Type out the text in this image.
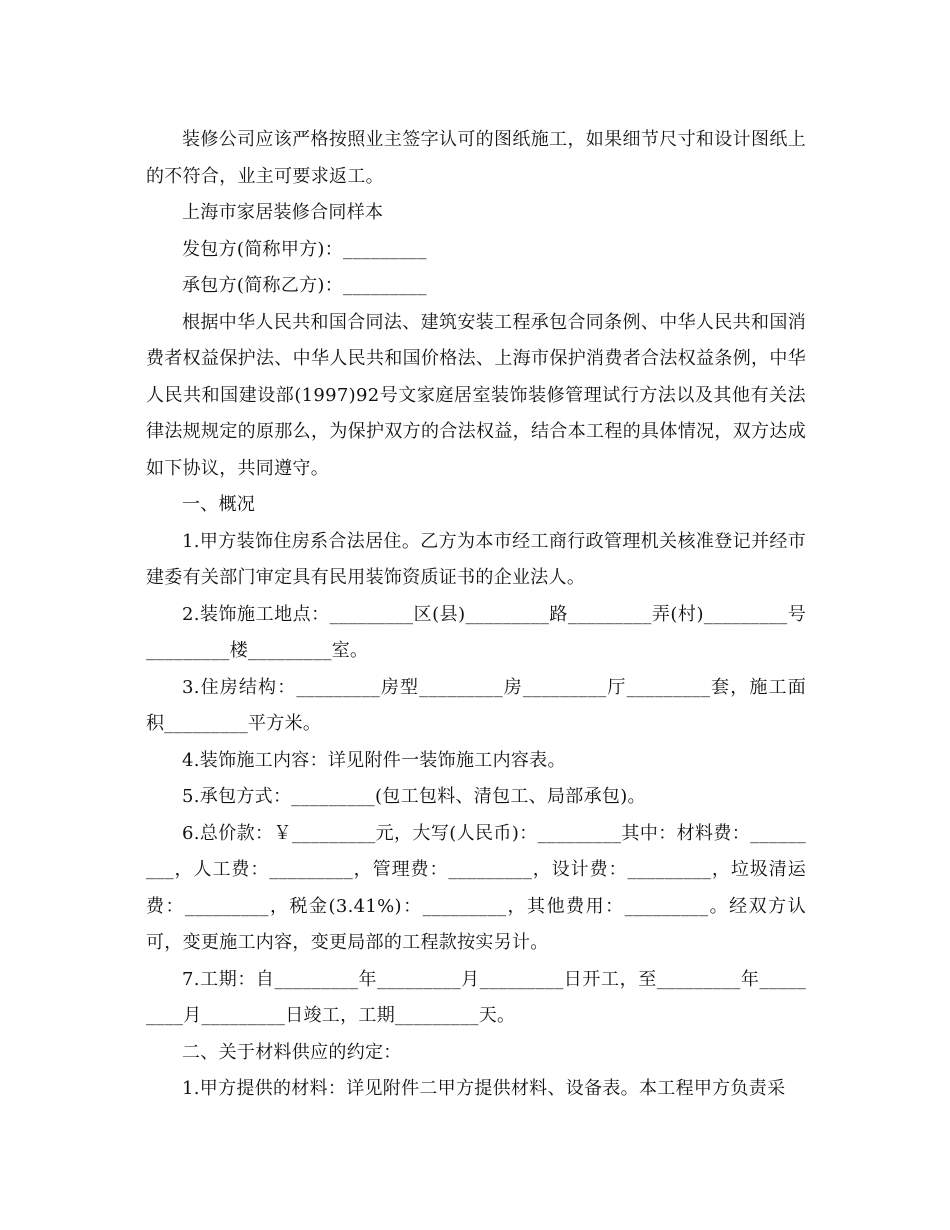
装修公司应该严格按照业主签字认可的图纸施工，如果细节尺寸和设计图纸上的不符合，业主可要求返工。

上海市家居装修合同样本

发包方(简称甲方)：_________

承包方(简称乙方)：_________

根据中华人民共和国合同法、建筑安装工程承包合同条例、中华人民共和国消费者权益保护法、中华人民共和国价格法、上海市保护消费者合法权益条例，中华人民共和国建设部(1997)92号文家庭居室装饰装修管理试行方法以及其他有关法律法规规定的原那么，为保护双方的合法权益，结合本工程的具体情况，双方达成如下协议，共同遵守。

一、概况

1.甲方装饰住房系合法居住。乙方为本市经工商行政管理机关核准登记并经市建委有关部门审定具有民用装饰资质证书的企业法人。

2.装饰施工地点：_________区(县)_________路_________弄(村)_________号_________楼_________室。

3.住房结构：_________房型_________房_________厅_________套，施工面积_________平方米。

4.装饰施工内容：详见附件一装饰施工内容表。

5.承包方式：_________(包工包料、清包工、局部承包)。

6.总价款：￥_________元，大写(人民币)：_________其中：材料费：_________，人工费：_________，管理费：_________，设计费：_________，垃圾清运费：_________，税金(3.41%)：_________，其他费用：_________。经双方认可，变更施工内容，变更局部的工程款按实另计。

7.工期：自_________年_________月_________日开工，至_________年_________月_________日竣工，工期_________天。

二、关于材料供应的约定：

1.甲方提供的材料：详见附件二甲方提供材料、设备表。本工程甲方负责采
